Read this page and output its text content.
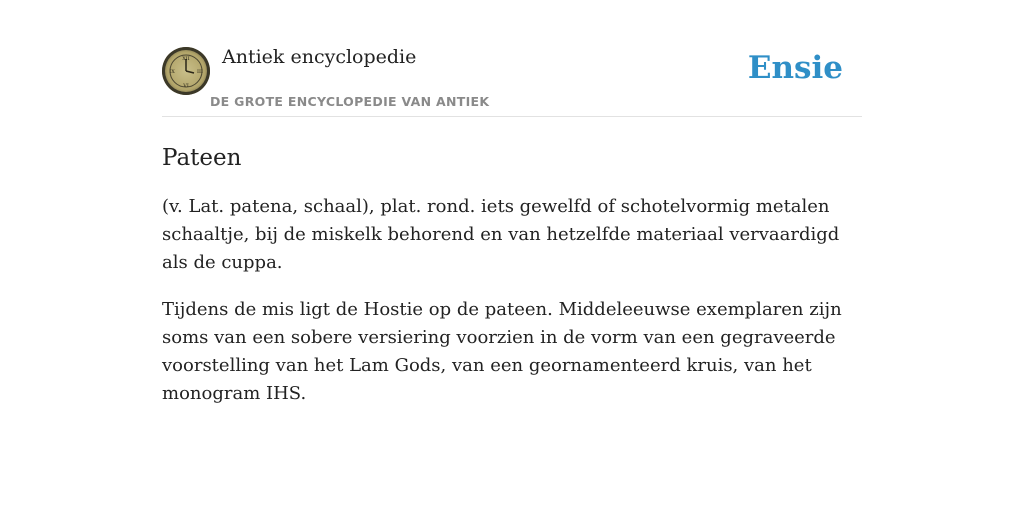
XII
III
VI
IX
Antiek encyclopedie
DE GROTE ENCYCLOPEDIE VAN ANTIEK
Ensie
Pateen

(v. Lat. patena, schaal), plat. rond. iets gewelfd of schotelvormig metalen schaaltje, bij de miskelk behorend en van hetzelfde materiaal vervaardigd als de cuppa.

Tijdens de mis ligt de Hostie op de pateen. Middeleeuwse exemplaren zijn soms van een sobere versiering voorzien in de vorm van een gegraveerde voorstelling van het Lam Gods, van een geornamenteerd kruis, van het monogram IHS.
